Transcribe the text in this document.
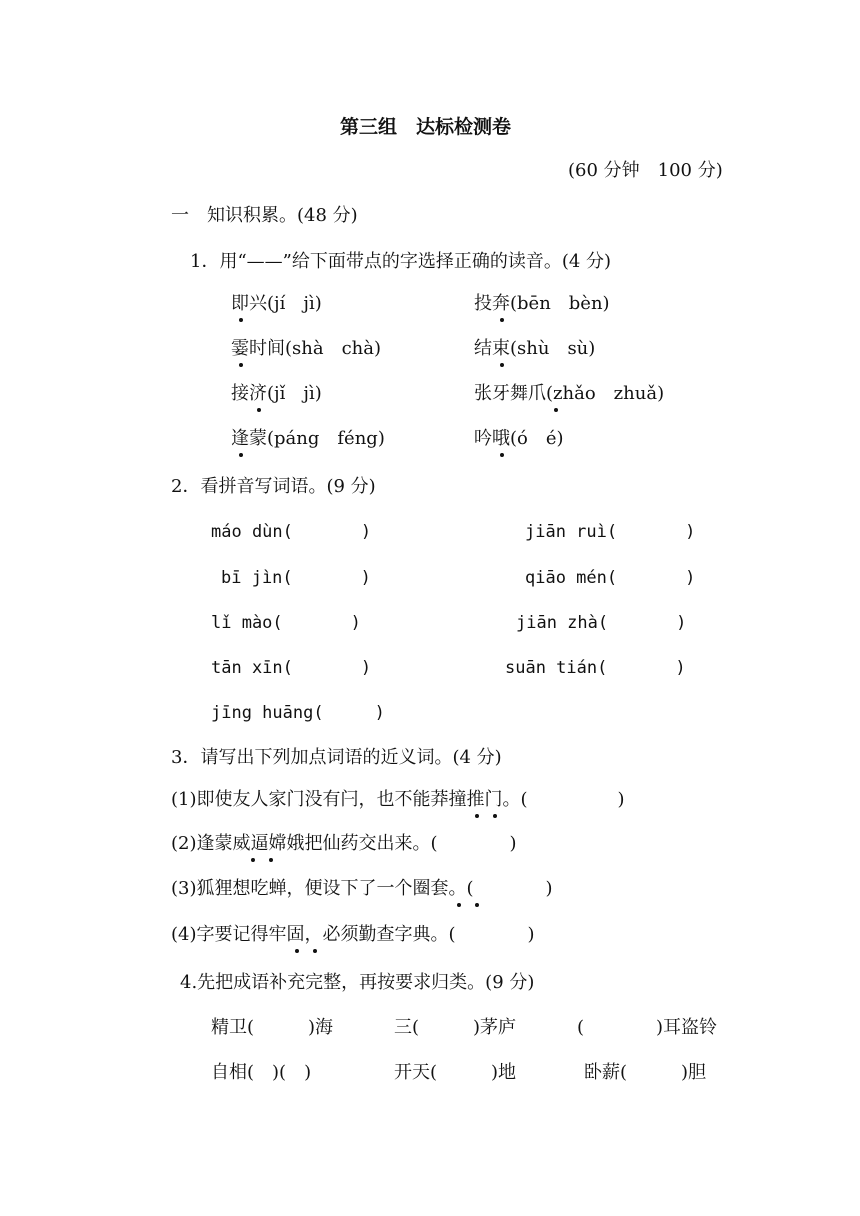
第三组　达标检测卷
(60 分钟　100 分)
一　知识积累。(48 分)
1．用“——”给下面带点的字选择正确的读音。(4 分)
即兴(jí　jì)	投奔(bēn　bèn)
霎时间(shà　chà)	结束(shù　sù)
接济(jǐ　jì)	张牙舞爪(zhǎo　zhuǎ)
逢蒙(páng　féng)	吟哦(ó　é)
2．看拼音写词语。(9 分)
máo dùn(　　　　)	jiān ruì(　　　　)
bī jìn(　　　　)	qiāo mén(　　　　)
lǐ mào(　　　　)	jiān zhà(　　　　)
tān xīn(　　　　)	suān tián(　　　　)
jīng huāng(　　　)
3．请写出下列加点词语的近义词。(4 分)
(1)即使友人家门没有闩，也不能莽撞推门。(　　　　　)
(2)逢蒙威逼嫦娥把仙药交出来。(　　　　)
(3)狐狸想吃蝉，便设下了一个圈套。(　　　　)
(4)字要记得牢固，必须勤查字典。(　　　　)
4.先把成语补充完整，再按要求归类。(9 分)
精卫(　　　)海	三(　　　)茅庐	(　　　　)耳盗铃
自相(　)(　)	开天(　　　)地	卧薪(　　　)胆
